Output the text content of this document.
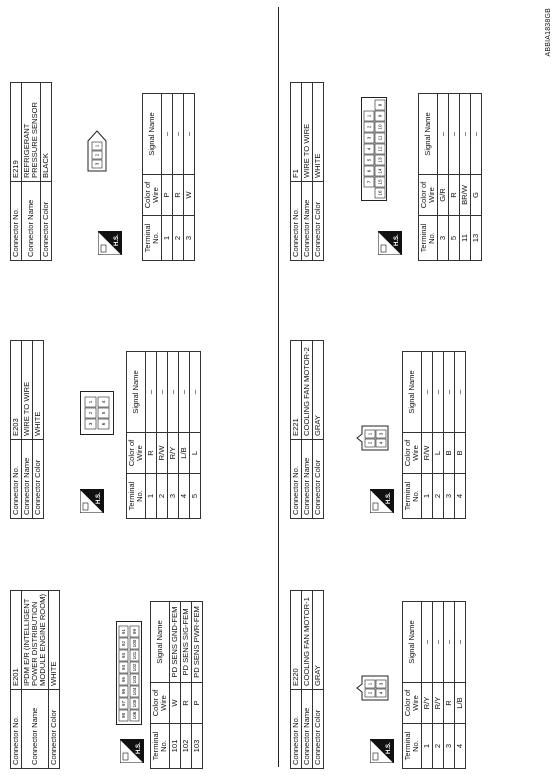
Connector No.	E201
Connector Name	IPDM E/R (INTELLIGENT POWER DISTRIBUTION MODULE ENGINE ROOM)
Connector Color	WHITE
H.S.
98
97
96
95
94
93
92
91
106
105
104
103
102
101
100
99
Terminal No.	Color of Wire	Signal Name
101	W	PD SENS GND-FEM
102	R	PD SENS SIG-FEM
103	P	PD SENS PWR-FEM
Connector No.	E203
Connector Name	WIRE TO WIRE
Connector Color	WHITE
H.S.
3
2
1
6
5
4
Terminal No.	Color of Wire	Signal Name
1	R	–
2	R/W	–
3	R/Y	–
4	L/B	–
5	L	–
Connector No.	E219
Connector Name	REFRIGERANT PRESSURE SENSOR
Connector Color	BLACK
H.S.
3
2
1
Terminal No.	Color of Wire	Signal Name
1	P	–
2	R	–
3	W	–
Connector No.	E220
Connector Name	COOLING FAN MOTOR-1
Connector Color	GRAY
H.S.
2
1
4
3
Terminal No.	Color of Wire	Signal Name
1	R/Y	–
2	R/Y	–
3	R	–
4	L/B	–
Connector No.	E221
Connector Name	COOLING FAN MOTOR-2
Connector Color	GRAY
H.S.
2
1
4
3
Terminal No.	Color of Wire	Signal Name
1	R/W	–
2	L	–
3	B	–
4	B	–
Connector No.	F1
Connector Name	WIRE TO WIRE
Connector Color	WHITE
H.S.
7
6
5
4
3
2
1
16
15
14
13
12
11
10
9
8
Terminal No.	Color of Wire	Signal Name
3	G/R	–
5	R	–
11	BR/W	–
13	G	–
ABBIA1838GB
